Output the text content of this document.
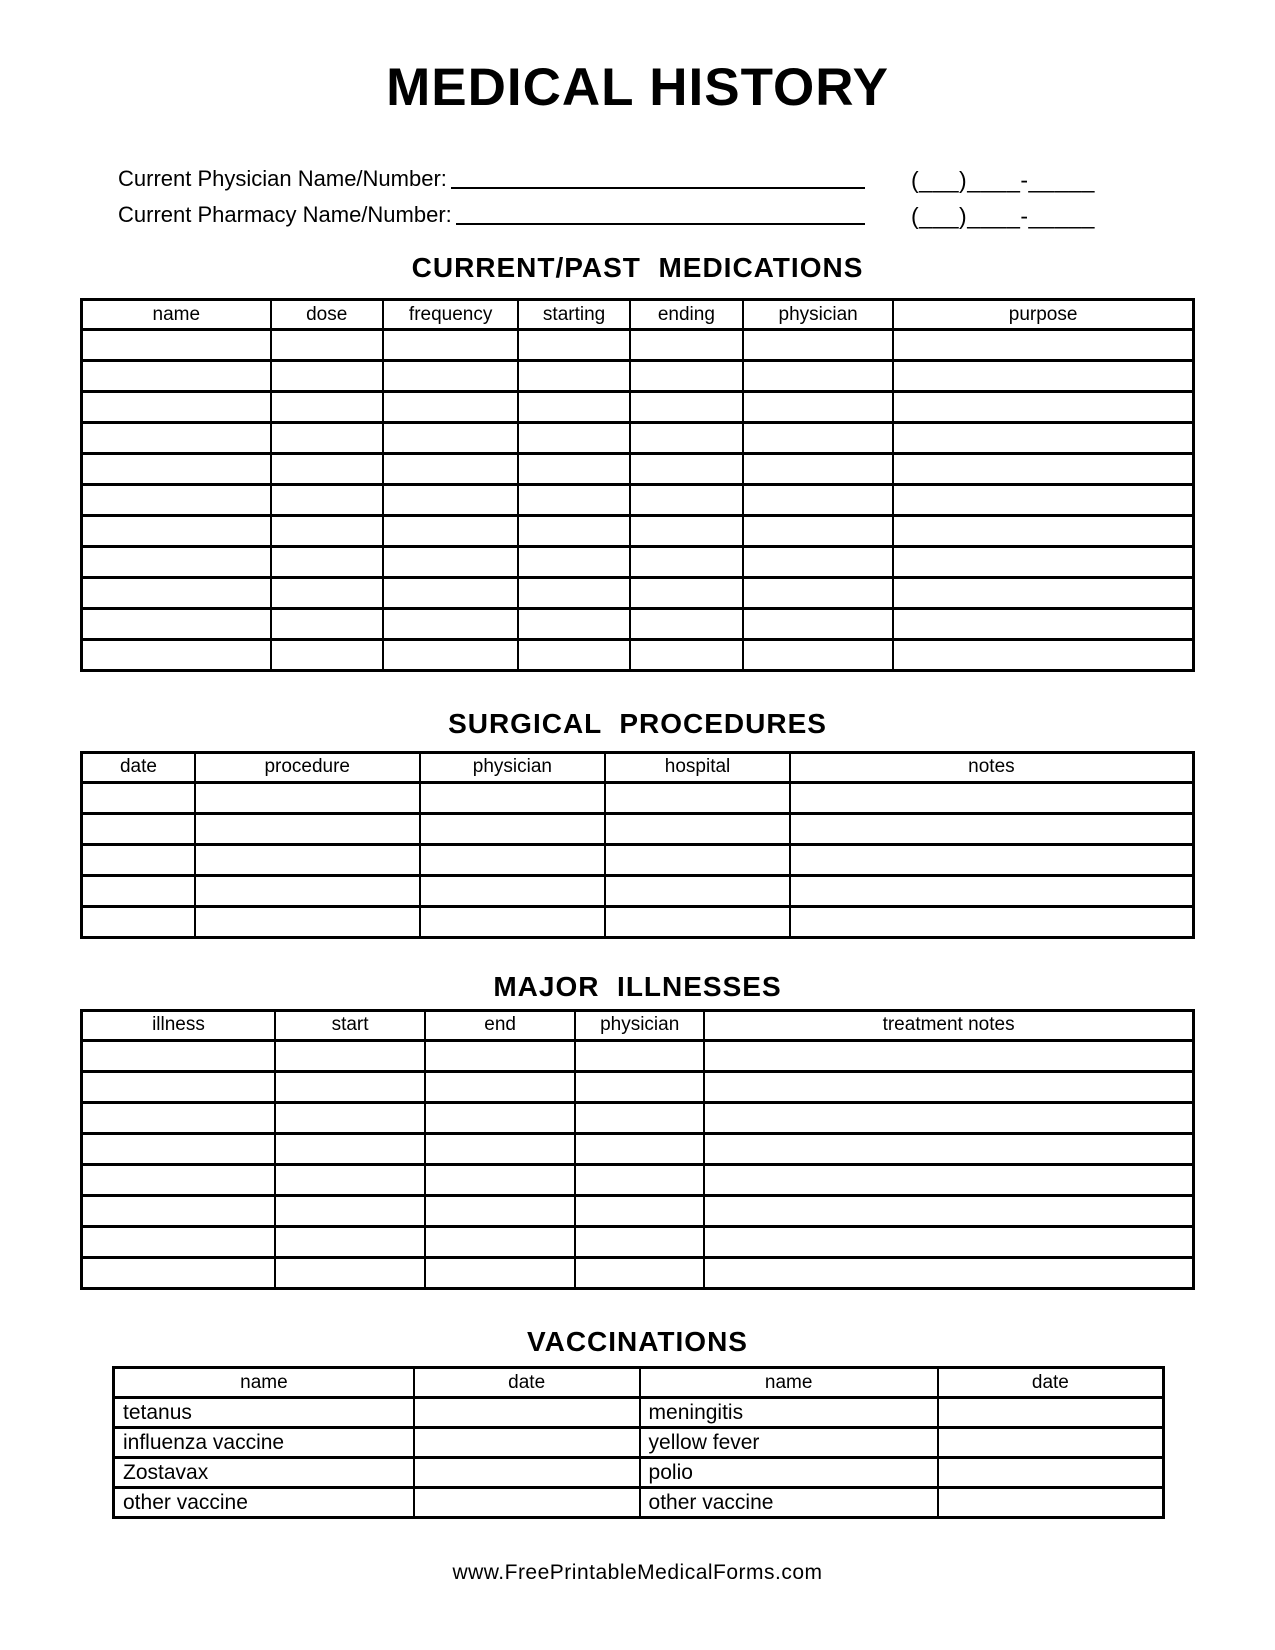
MEDICAL HISTORY
Current Physician Name/Number:	(___)____-_____
Current Pharmacy Name/Number:	(___)____-_____
CURRENT/PAST  MEDICATIONS
name	dose	frequency	starting	ending	physician	purpose

SURGICAL  PROCEDURES
date	procedure	physician	hospital	notes

MAJOR  ILLNESSES
illness	start	end	physician	treatment notes

VACCINATIONS
name	date	name	date
tetanus		meningitis	
influenza vaccine		yellow fever	
Zostavax		polio	
other vaccine		other vaccine	
www.FreePrintableMedicalForms.com
